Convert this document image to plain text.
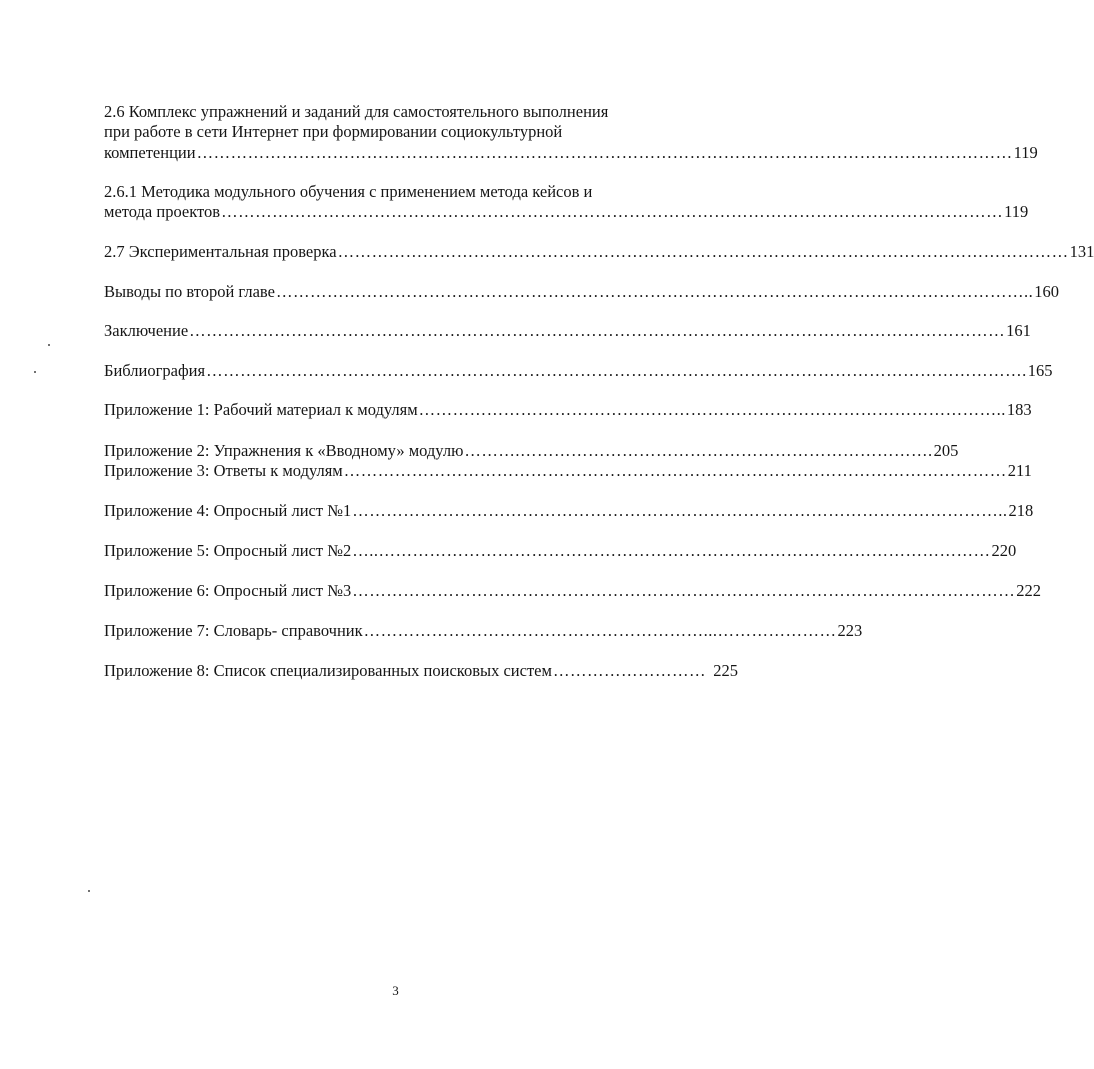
2.6 Комплекс упражнений и заданий для самостоятельного выполнения

при работе в сети Интернет при формировании социокультурной

компетенции ……………………………………………………………………………………………………………………………… 119

2.6.1 Методика модульного обучения с применением метода кейсов и

метода проектов ………………………………………………………………………………………………………………………… 119
2.7 Экспериментальная проверка ………………………………………………………………………………………………………………… 131
Выводы по второй главе …………………………………………………………………………………………………………………….. 160
Заключение ……………………………………………………………………………………………………………………………… 161
Библиография ………………………………………………………………………………………………………………………………. 165
Приложение 1: Рабочий материал к модулям ………………………………………………………………………………………….. 183
Приложение 2: Упражнения к «Вводному» модулю ……….………………………………………………………………. 205
Приложение 3: Ответы к модулям ……………………………………………………………………………………………………… 211
Приложение 4: Опросный лист №1 …………………………………………………………………………………………………….. 218
Приложение 5: Опросный лист №2 …..……………………………………………………………………………………………… 220
Приложение 6: Опросный лист №3 ……………………………………………………………………………………………………… 222
Приложение 7: Словарь- справочник ……………………………………………………...………………… 223
Приложение 8: Список специализированных поисковых систем ……………………… 225
3
